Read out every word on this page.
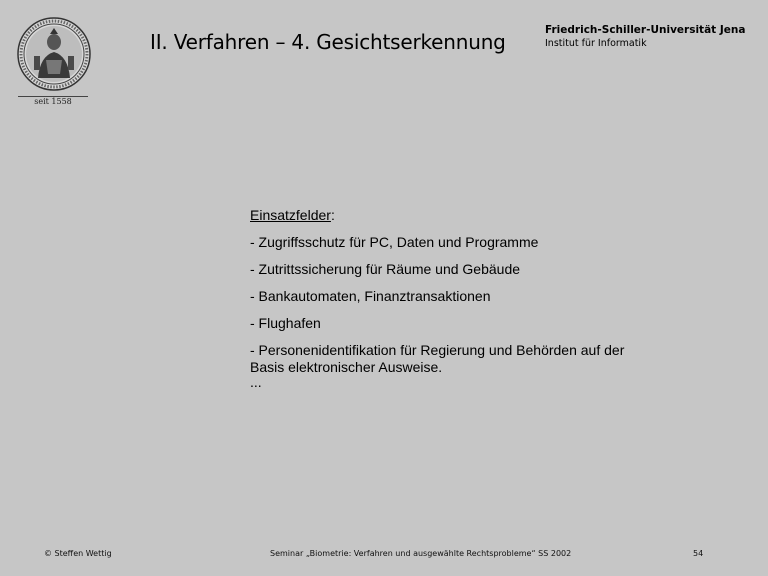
seit 1558
II. Verfahren – 4. Gesichtserkennung	Friedrich-Schiller-Universität Jena
Institut für Informatik
Einsatzfelder:
- Zugriffsschutz für PC, Daten und Programme
- Zutrittssicherung für Räume und Gebäude
- Bankautomaten, Finanztransaktionen
- Flughafen
- Personenidentifikation für Regierung und Behörden auf der Basis elektronischer Ausweise.
...
© Steffen Wettig	Seminar „Biometrie: Verfahren und ausgewählte Rechtsprobleme“ SS 2002	54
